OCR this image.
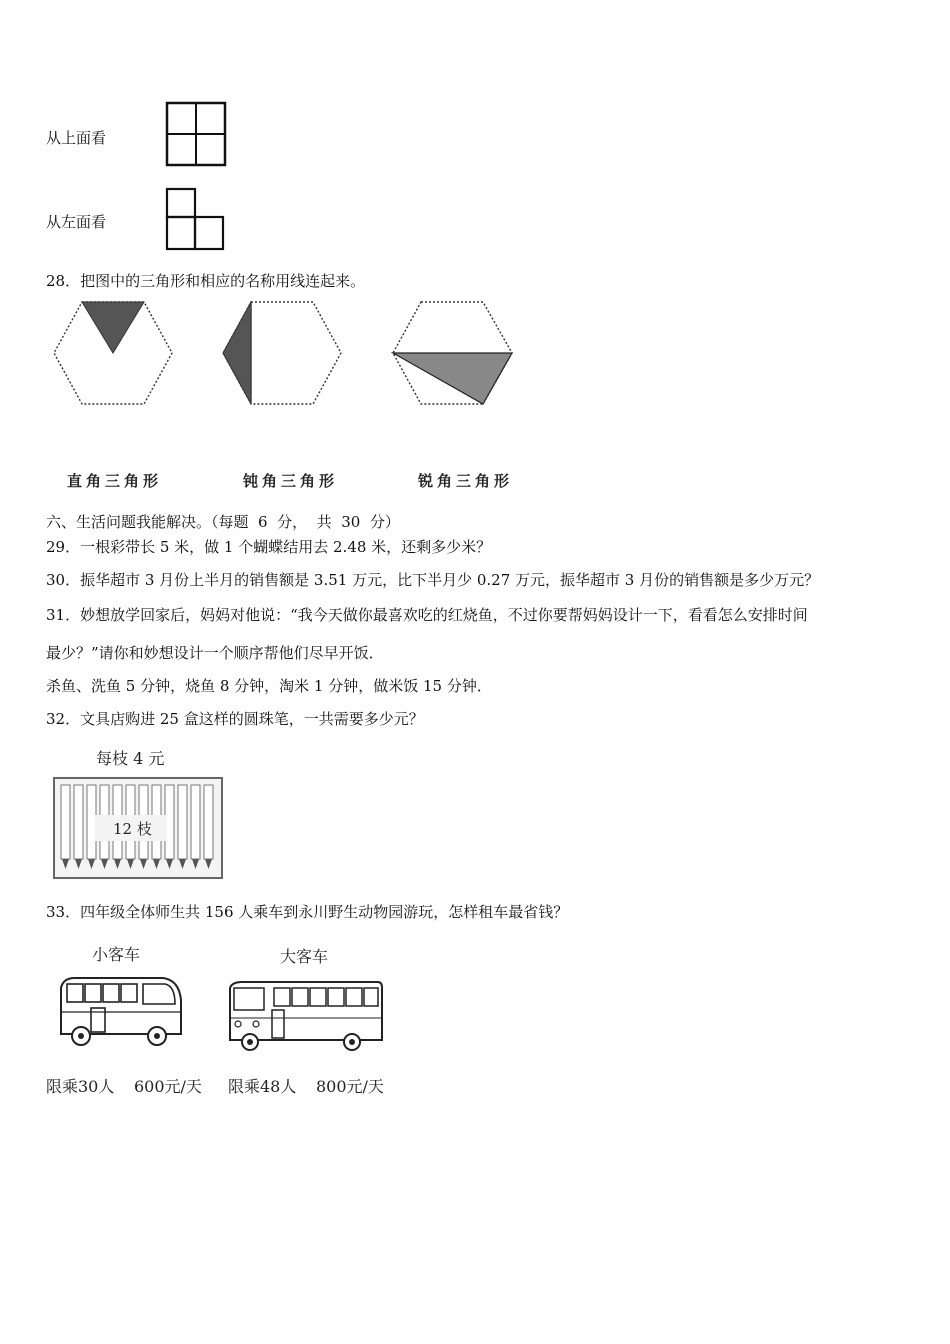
从上面看
从左面看
28．把图中的三角形和相应的名称用线连起来。
直角三角形	钝角三角形	锐角三角形
六、生活问题我能解决。（每题  6  分，  共  30  分）
29．一根彩带长 5 米，做 1 个蝴蝶结用去 2.48 米，还剩多少米？
30．振华超市 3 月份上半月的销售额是 3.51 万元，比下半月少 0.27 万元，振华超市 3 月份的销售额是多少万元？
31．妙想放学回家后，妈妈对他说：“我今天做你最喜欢吃的红烧鱼，不过你要帮妈妈设计一下，看看怎么安排时间
最少？”请你和妙想设计一个顺序帮他们尽早开饭．
杀鱼、洗鱼 5 分钟，烧鱼 8 分钟，淘米 1 分钟，做米饭 15 分钟．
32．文具店购进 25 盒这样的圆珠笔，一共需要多少元？
每枝 4 元
12 枝
33．四年级全体师生共 156 人乘车到永川野生动物园游玩，怎样租车最省钱？
小客车
限乘30人 600元/天
大客车
限乘48人 800元/天
